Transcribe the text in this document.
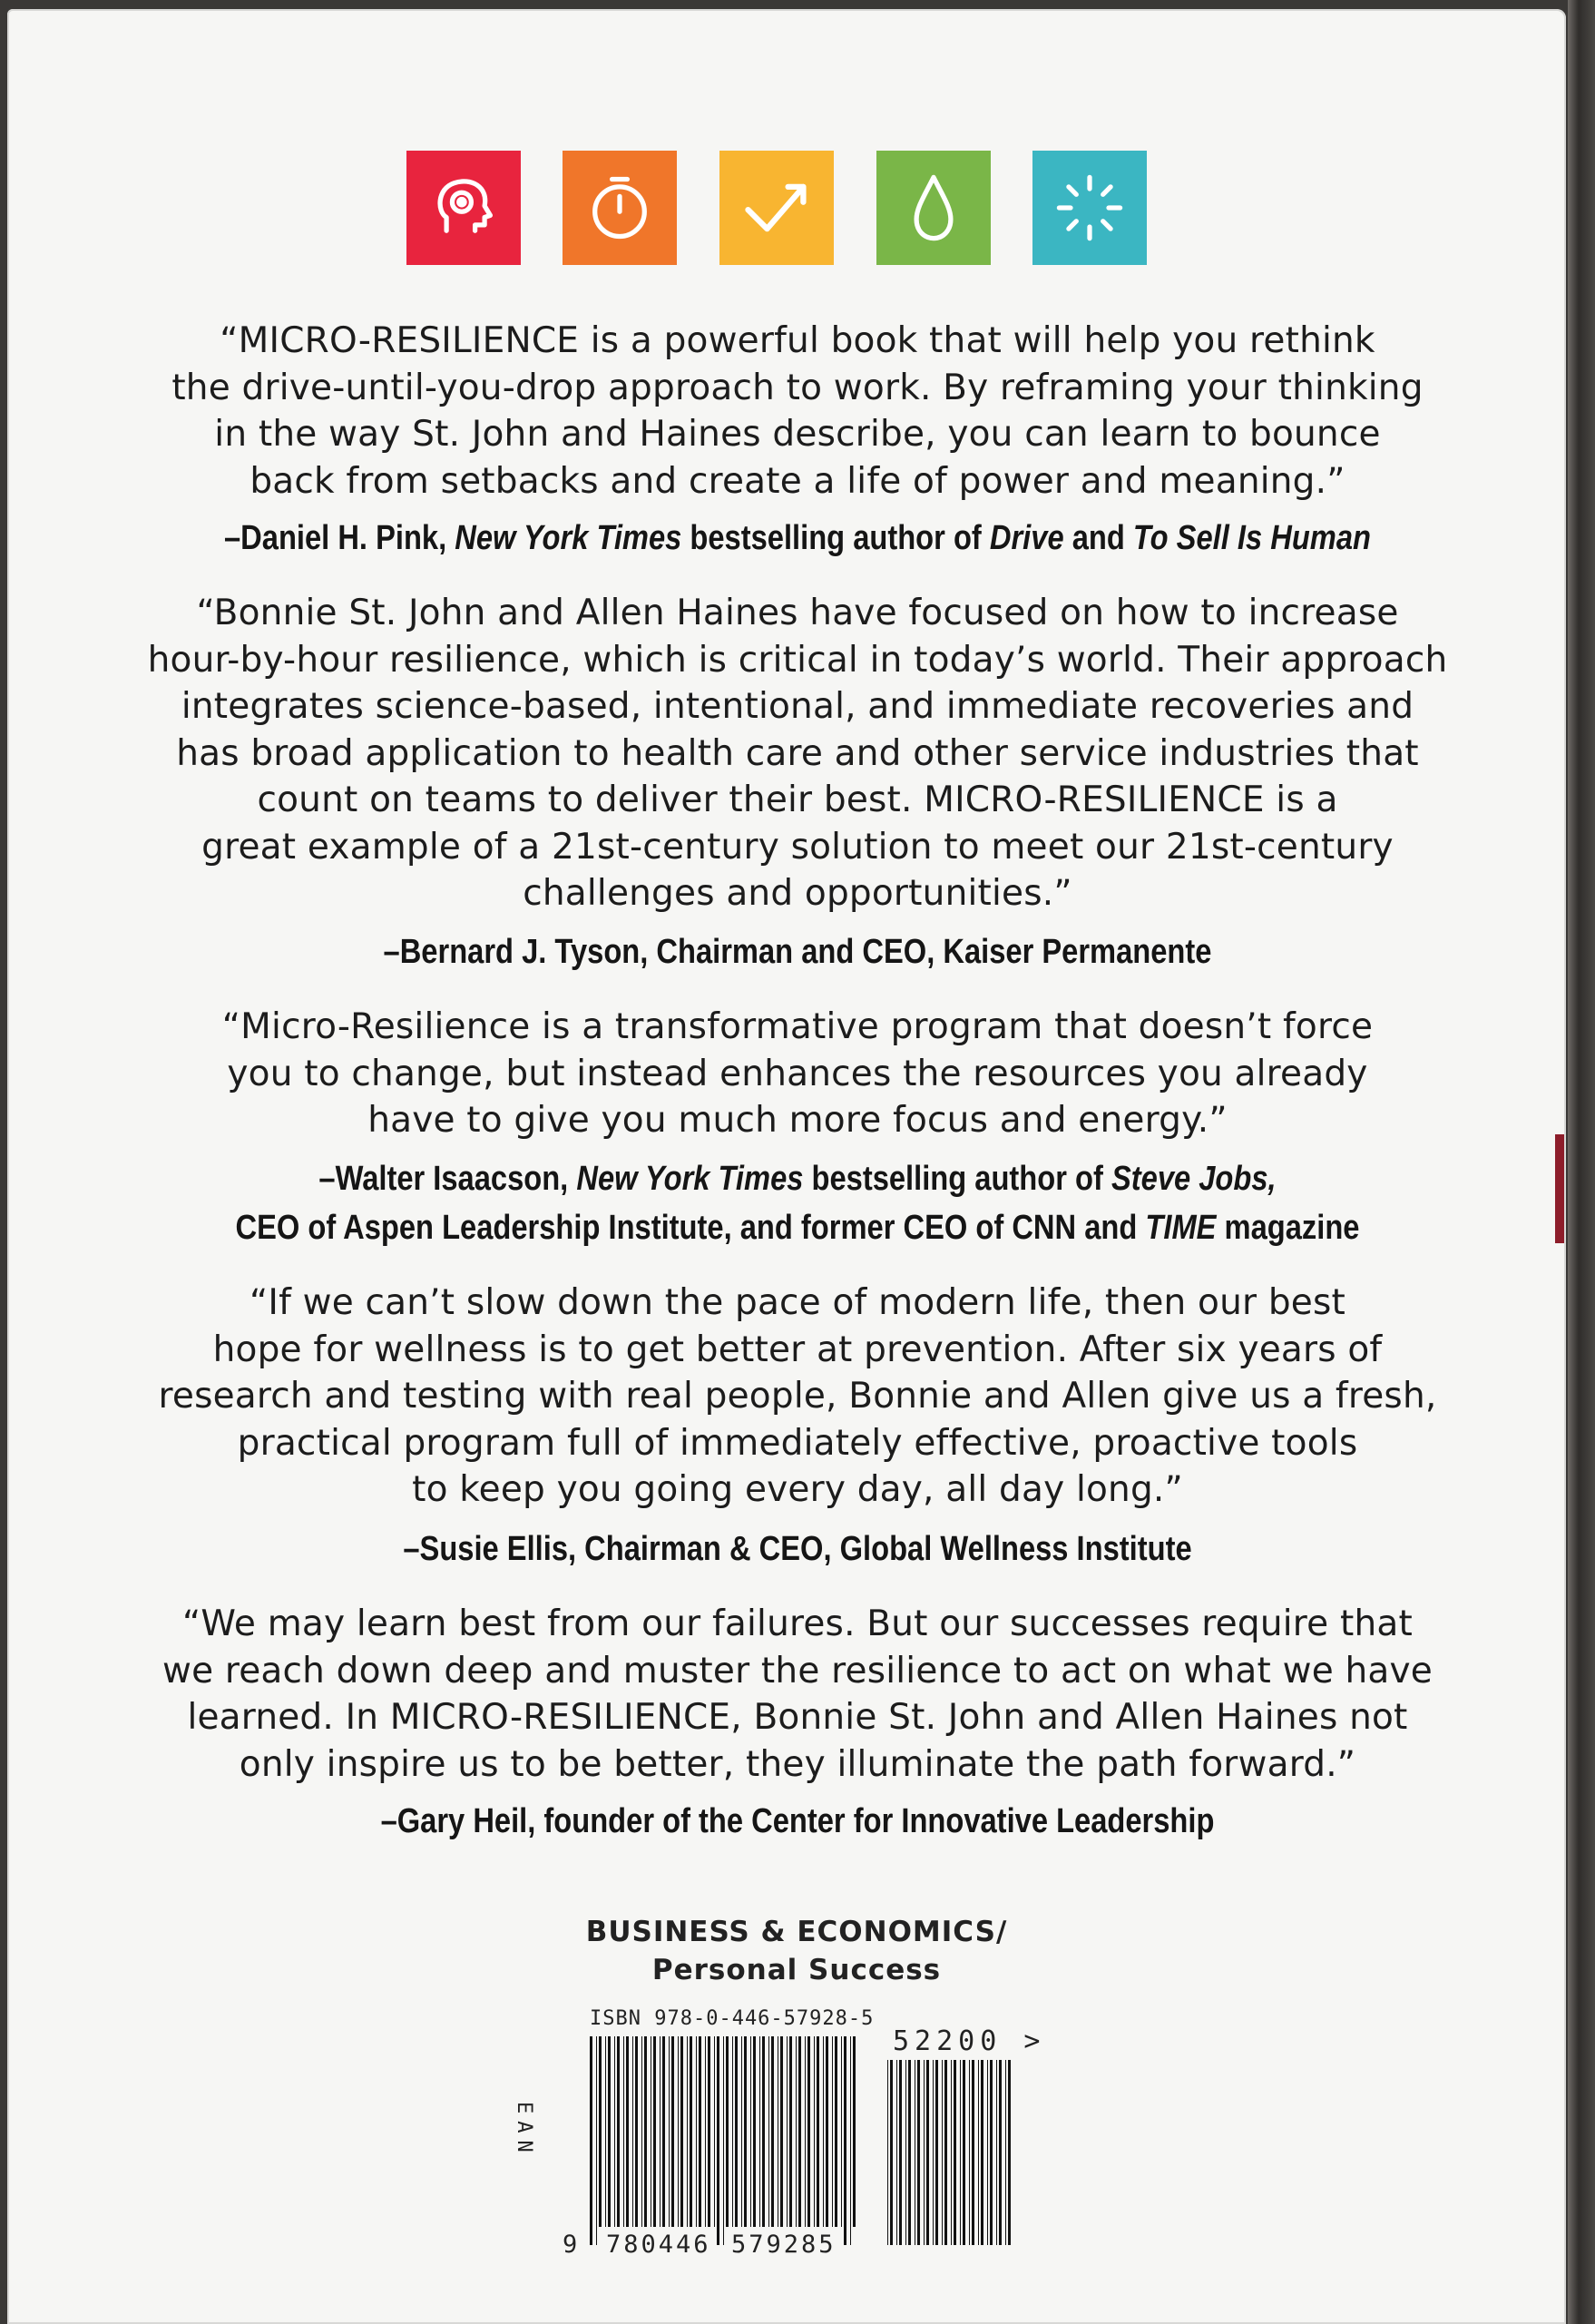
“MICRO-RESILIENCE is a powerful book that will help you rethink
the drive-until-you-drop approach to work. By reframing your thinking
in the way St. John and Haines describe, you can learn to bounce
back from setbacks and create a life of power and meaning.”

–Daniel H. Pink, New York Times bestselling author of Drive and To Sell Is Human

“Bonnie St. John and Allen Haines have focused on how to increase
hour-by-hour resilience, which is critical in today’s world. Their approach
integrates science-based, intentional, and immediate recoveries and
has broad application to health care and other service industries that
count on teams to deliver their best. MICRO-RESILIENCE is a
great example of a 21st-century solution to meet our 21st-century
challenges and opportunities.”

–Bernard J. Tyson, Chairman and CEO, Kaiser Permanente

“Micro-Resilience is a transformative program that doesn’t force
you to change, but instead enhances the resources you already
have to give you much more focus and energy.”

–Walter Isaacson, New York Times bestselling author of Steve Jobs,
CEO of Aspen Leadership Institute, and former CEO of CNN and TIME magazine

“If we can’t slow down the pace of modern life, then our best
hope for wellness is to get better at prevention. After six years of
research and testing with real people, Bonnie and Allen give us a fresh,
practical program full of immediately effective, proactive tools
to keep you going every day, all day long.”

–Susie Ellis, Chairman & CEO, Global Wellness Institute

“We may learn best from our failures. But our successes require that
we reach down deep and muster the resilience to act on what we have
learned. In MICRO-RESILIENCE, Bonnie St. John and Allen Haines not
only inspire us to be better, they illuminate the path forward.”

–Gary Heil, founder of the Center for Innovative Leadership

BUSINESS & ECONOMICS/
Personal Success
ISBN 978-0-446-57928-5
EAN
9 780446 579285
52200 >
